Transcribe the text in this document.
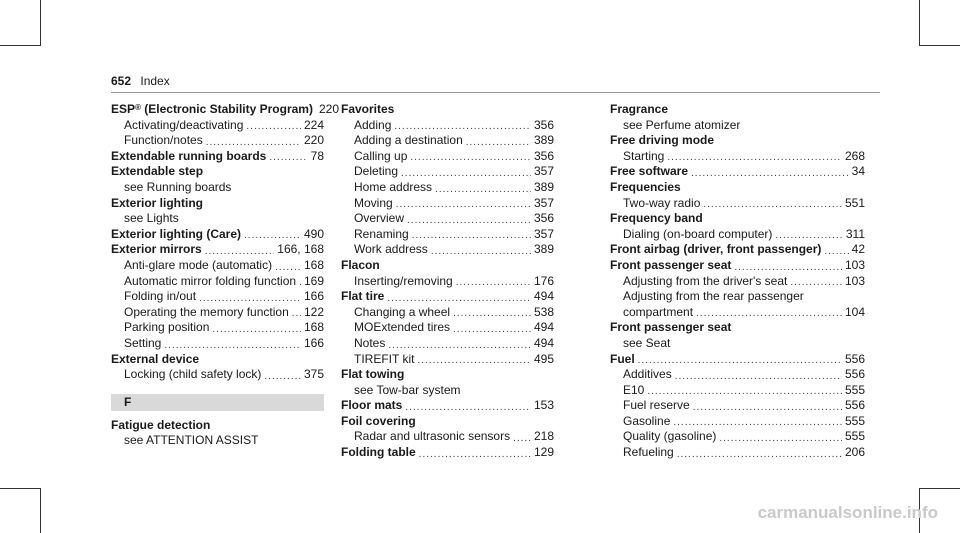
652 Index
ESP® (Electronic Stability Program) 220
Activating/deactivating .....	224
Function/notes .....	220
Extendable running boards .....	78
Extendable step
see Running boards
Exterior lighting
see Lights
Exterior lighting (Care) .....	490
Exterior mirrors .....	166, 168
Anti-glare mode (automatic) .....	168
Automatic mirror folding function ..... 169
Folding in/out .....	166
Operating the memory function ..... 122
Parking position .....	168
Setting .....	166
External device
Locking (child safety lock) .....	375
F
Fatigue detection
see ATTENTION ASSIST
Favorites
Adding .....	356
Adding a destination .....	389
Calling up .....	356
Deleting .....	357
Home address .....	389
Moving .....	357
Overview .....	356
Renaming .....	357
Work address .....	389
Flacon
Inserting/removing .....	176
Flat tire .....	494
Changing a wheel .....	538
MOExtended tires .....	494
Notes .....	494
TIREFIT kit .....	495
Flat towing
see Tow-bar system
Floor mats .....	153
Foil covering
Radar and ultrasonic sensors ..... 218
Folding table .....	129
Fragrance
see Perfume atomizer
Free driving mode
Starting .....	268
Free software .....	34
Frequencies
Two-way radio .....	551
Frequency band
Dialing (on-board computer) .....	311
Front airbag (driver, front passenger) .....	42
Front passenger seat .....	103
Adjusting from the driver's seat .....	103
Adjusting from the rear passenger
compartment .....	104
Front passenger seat
see Seat
Fuel .....	556
Additives .....	556
E10 .....	555
Fuel reserve .....	556
Gasoline .....	555
Quality (gasoline) .....	555
Refueling .....	206
carmanualsonline.info
